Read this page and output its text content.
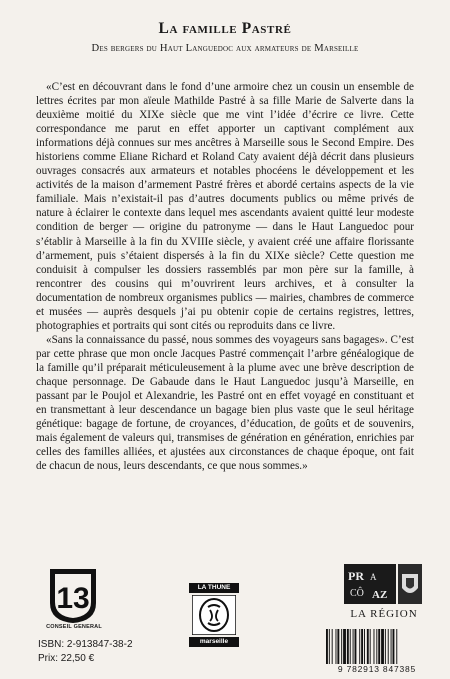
La famille Pastré
Des bergers du Haut Languedoc aux armateurs de Marseille

«C’est en découvrant dans le fond d’une armoire chez un cousin un ensemble de lettres écrites par mon aïeule Mathilde Pastré à sa fille Marie de Salverte dans la deuxième moitié du XIXe siècle que me vint l’idée d’écrire ce livre. Cette correspondance me parut en effet apporter un captivant complément aux informations déjà connues sur mes ancêtres à Marseille sous le Second Empire. Des historiens comme Eliane Richard et Roland Caty avaient déjà décrit dans plusieurs ouvrages consacrés aux armateurs et notables phocéens le développement et les activités de la maison d’armement Pastré frères et abordé certains aspects de la vie familiale. Mais n’existait-il pas d’autres documents publics ou même privés de nature à éclairer le contexte dans lequel mes ascendants avaient quitté leur modeste condition de berger — origine du patronyme — dans le Haut Languedoc pour s’établir à Marseille à la fin du XVIIIe siècle, y avaient créé une affaire florissante d’armement, puis s’étaient dispersés à la fin du XIXe siècle? Cette question me conduisit à compulser les dossiers rassemblés par mon père sur la famille, à rencontrer des cousins qui m’ouvrirent leurs archives, et à consulter la documentation de nombreux organismes publics — mairies, chambres de commerce et musées — auprès desquels j’ai pu obtenir copie de certains registres, lettres, photographies et portraits qui sont cités ou reproduits dans ce livre.

«Sans la connaissance du passé, nous sommes des voyageurs sans bagages». C’est par cette phrase que mon oncle Jacques Pastré commençait l’arbre généalogique de la famille qu’il préparait méticuleusement à la plume avec une brève description de chaque personnage. De Gabaude dans le Haut Languedoc jusqu’à Marseille, en passant par le Poujol et Alexandrie, les Pastré ont en effet voyagé en constituant et en transmettant à leur descendance un bagage bien plus vaste que le seul héritage génétique: bagage de fortune, de croyances, d’éducation, de goûts et de souvenirs, mais également de valeurs qui, transmises de génération en génération, enrichies par celles des familles alliées, et ajustées aux circonstances de chaque époque, ont fait de chacun de nous, leurs descendants, ce que nous sommes.»

13
CONSEIL GENERAL
LA THUNE
marseille
PR A
CÔ AZ
LA RÉGION
ISBN: 2-913847-38-2
Prix: 22,50 €
9 782913 847385
